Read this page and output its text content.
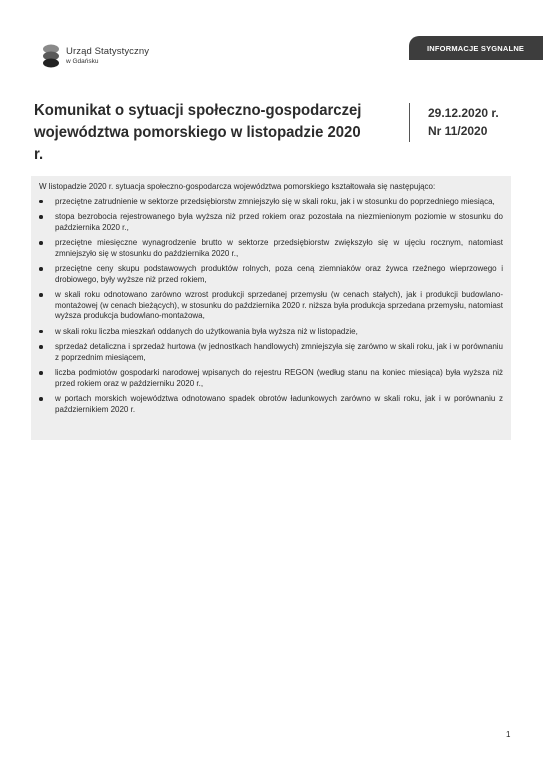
Urząd Statystyczny
w Gdańsku
INFORMACJE SYGNALNE
Komunikat o sytuacji społeczno-gospodarczej
województwa pomorskiego w listopadzie 2020 r.
29.12.2020 r.
Nr 11/2020

W listopadzie 2020 r. sytuacja społeczno-gospodarcza województwa pomorskiego kształtowała się następująco:

przeciętne zatrudnienie w sektorze przedsiębiorstw zmniejszyło się w skali roku, jak i w stosunku do poprzedniego miesiąca,
stopa bezrobocia rejestrowanego była wyższa niż przed rokiem oraz pozostała na niezmienionym poziomie w stosunku do października 2020 r.,
przeciętne miesięczne wynagrodzenie brutto w sektorze przedsiębiorstw zwiększyło się w ujęciu rocznym, natomiast zmniejszyło się w stosunku do października 2020 r.,
przeciętne ceny skupu podstawowych produktów rolnych, poza ceną ziemniaków oraz żywca rzeźnego wieprzowego i drobiowego, były wyższe niż przed rokiem,
w skali roku odnotowano zarówno wzrost produkcji sprzedanej przemysłu (w cenach stałych), jak i produkcji budowlano-montażowej (w cenach bieżących), w stosunku do października 2020 r. niższa była produkcja sprzedana przemysłu, natomiast wyższa produkcja budowlano-montażowa,
w skali roku liczba mieszkań oddanych do użytkowania była wyższa niż w listopadzie,
sprzedaż detaliczna i sprzedaż hurtowa (w jednostkach handlowych) zmniejszyła się zarówno w skali roku, jak i w porównaniu z poprzednim miesiącem,
liczba podmiotów gospodarki narodowej wpisanych do rejestru REGON (według stanu na koniec miesiąca) była wyższa niż przed rokiem oraz w październiku 2020 r.,
w portach morskich województwa odnotowano spadek obrotów ładunkowych zarówno w skali roku, jak i w porównaniu z październikiem 2020 r.
1
